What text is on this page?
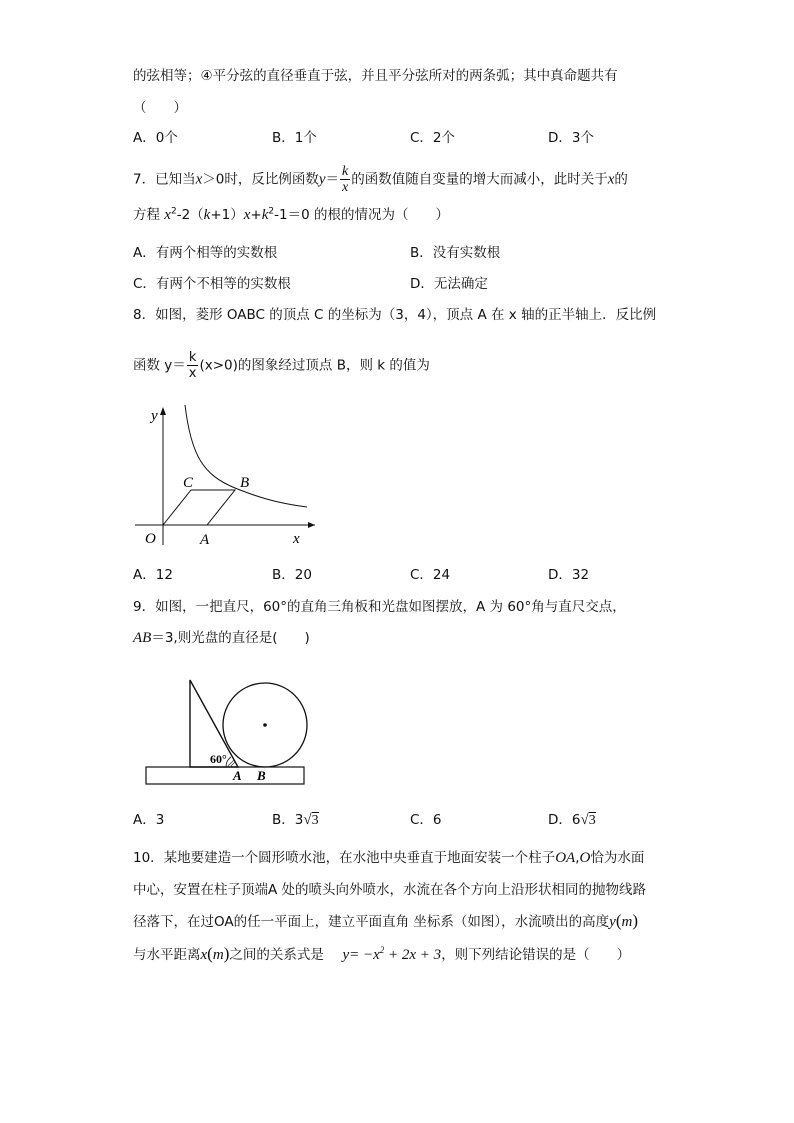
的弦相等；④平分弦的直径垂直于弦，并且平分弦所对的两条弧；其中真命题共有
（　　）
A．0个	B．1个	C．2个	D．3个
7．已知当x＞0时，反比例函数$y= \frac{k}{x}$ 的函数值随自变量的增大而减小，此时关于x的
方程 $x^2-2(k+1)x+k^2-1=0$ 的根的情况为（　　）
A．有两个相等的实数根	B．没有实数根
C．有两个不相等的实数根	D．无法确定
8．如图，菱形 OABC 的顶点 C 的坐标为（3，4），顶点 A 在 x 轴的正半轴上．反比例
函数 $y= \frac{k}{x} (x>0)$的图象经过顶点 B，则 k 的值为
y
x
O	A
B
C
A．12	B．20	C．24	D．32
9．如图，一把直尺，60°的直角三角板和光盘如图摆放，A 为 60°角与直尺交点，
AB＝3,则光盘的直径是(　　)
60°
A B
A．3	B．3√3	C．6	D．6√3
10．某地要建造一个圆形喷水池，在水池中央垂直于地面安装一个柱子OA,O恰为水面
中心，安置在柱子顶端A 处的喷头向外喷水，水流在各个方向上沿形状相同的抛物线路
径落下，在过OA的任一平面上，建立平面直角 坐标系（如图），水流喷出的高度y(m)
与水平距离x(m)之间的关系式是 $y= -x^2 + 2x + 3$，则下列结论错误的是（　　）
